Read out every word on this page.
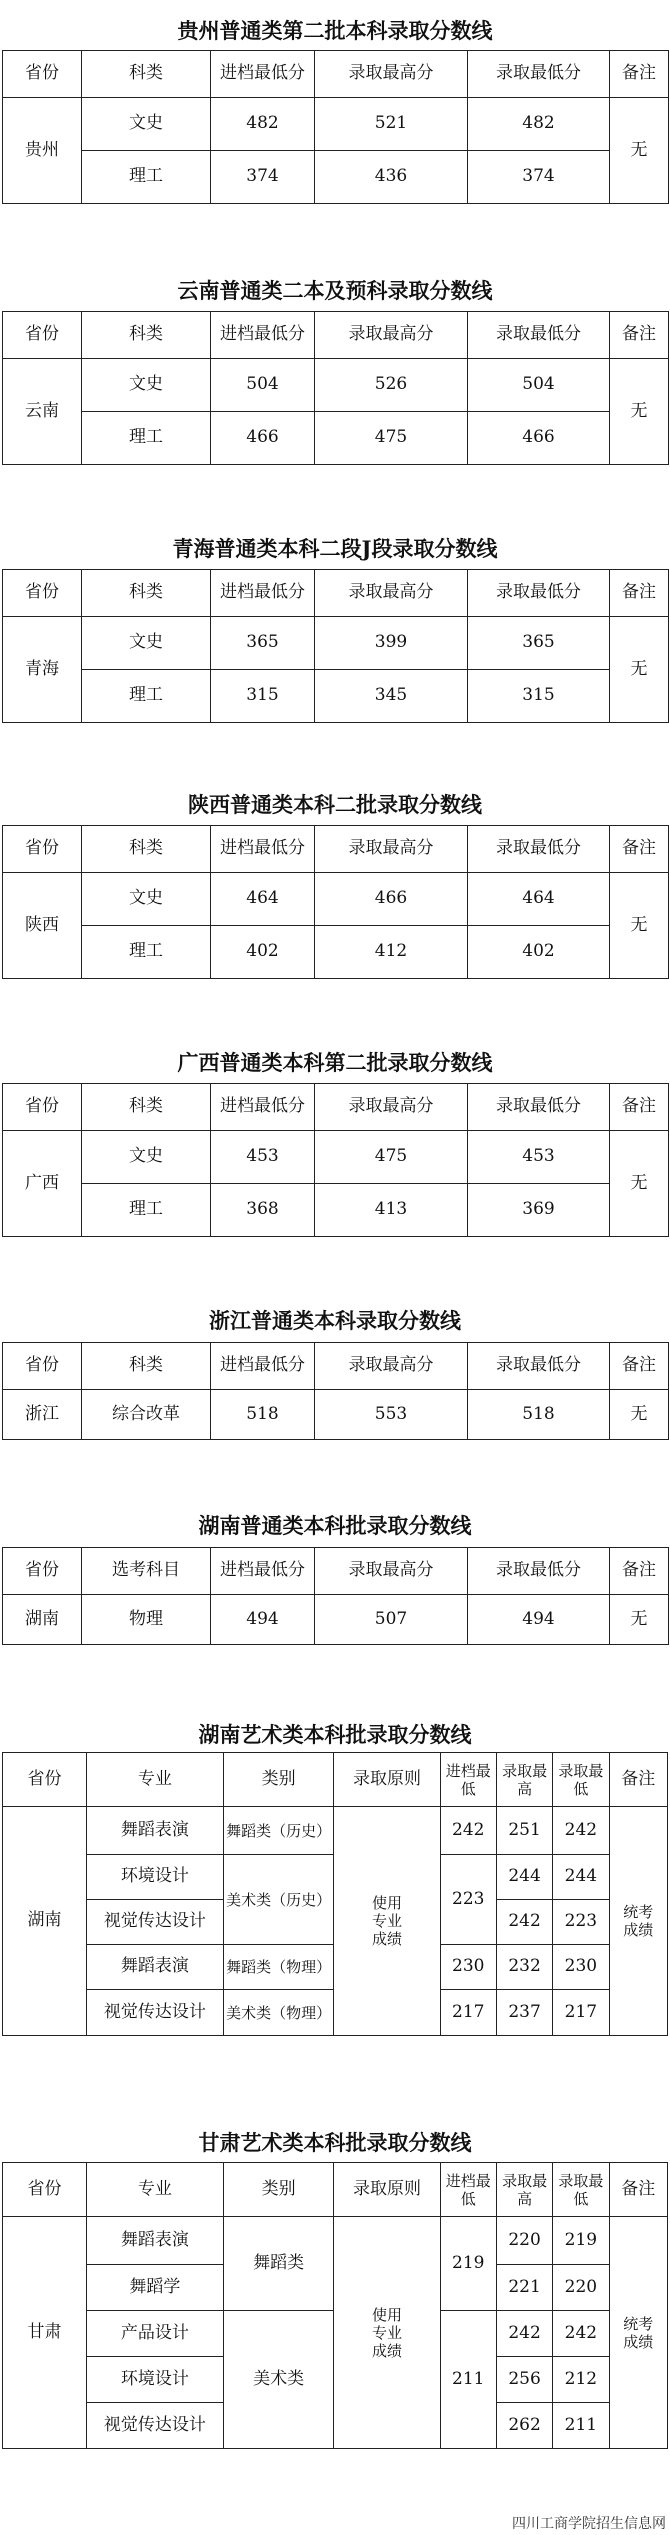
贵州普通类第二批本科录取分数线
省份	科类	进档最低分	录取最高分	录取最低分	备注
贵州	文史	482	521	482	无
	理工	374	436	374	
云南普通类二本及预科录取分数线
省份	科类	进档最低分	录取最高分	录取最低分	备注
云南	文史	504	526	504	无
	理工	466	475	466	
青海普通类本科二段J段录取分数线
省份	科类	进档最低分	录取最高分	录取最低分	备注
青海	文史	365	399	365	无
	理工	315	345	315	
陕西普通类本科二批录取分数线
省份	科类	进档最低分	录取最高分	录取最低分	备注
陕西	文史	464	466	464	无
	理工	402	412	402	
广西普通类本科第二批录取分数线
省份	科类	进档最低分	录取最高分	录取最低分	备注
广西	文史	453	475	453	无
	理工	368	413	369	
浙江普通类本科录取分数线
省份	科类	进档最低分	录取最高分	录取最低分	备注
浙江	综合改革	518	553	518	无
湖南普通类本科批录取分数线
省份	选考科目	进档最低分	录取最高分	录取最低分	备注
湖南	物理	494	507	494	无
湖南艺术类本科批录取分数线
省份	专业	类别	录取原则	进档最低	录取最高	录取最低	备注
湖南	舞蹈表演	舞蹈类（历史）	使用专业成绩	242	251	242	统考成绩
	环境设计	美术类（历史）		223	244	244	
	视觉传达设计				242	223	
	舞蹈表演	舞蹈类（物理）		230	232	230	
	视觉传达设计	美术类（物理）		217	237	217	
甘肃艺术类本科批录取分数线
省份	专业	类别	录取原则	进档最低	录取最高	录取最低	备注
甘肃	舞蹈表演	舞蹈类	使用专业成绩	219	220	219	统考成绩
	舞蹈学				221	220	
	产品设计	美术类		211	242	242	
	环境设计				256	212	
	视觉传达设计				262	211	
四川工商学院招生信息网
